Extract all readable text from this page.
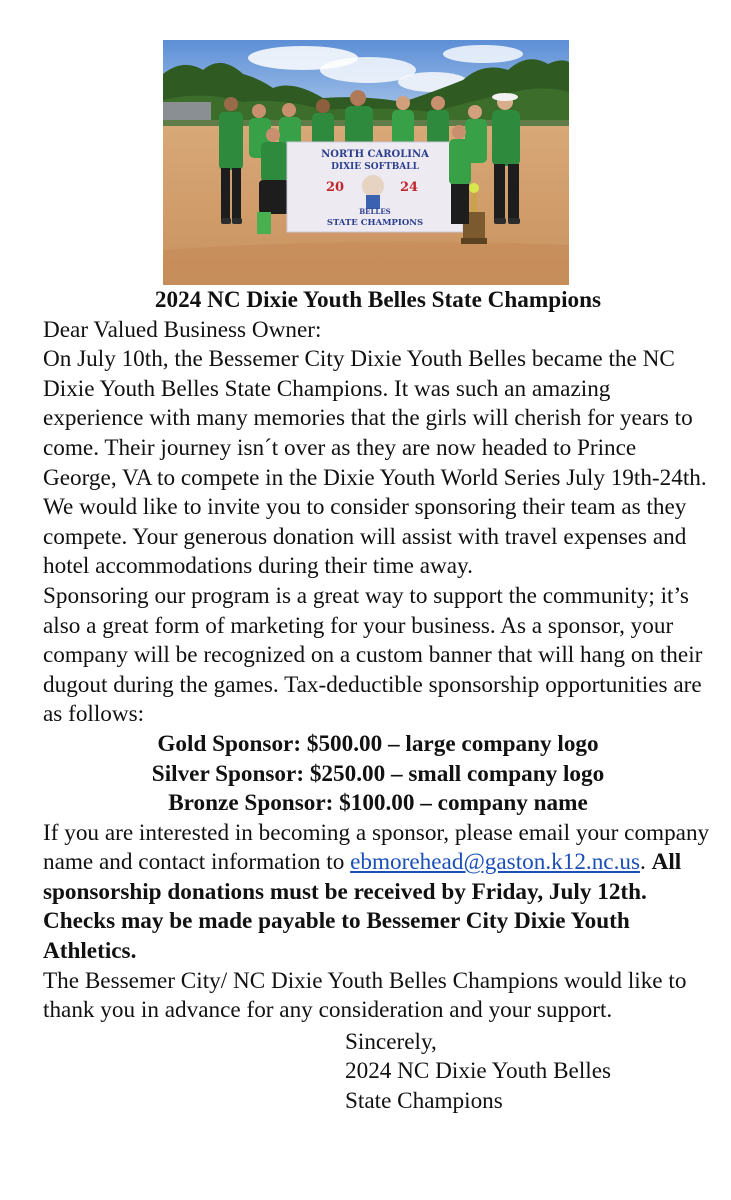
NORTH CAROLINA
DIXIE SOFTBALL
20	24
BELLES
STATE CHAMPIONS

2024 NC Dixie Youth Belles State Champions

Dear Valued Business Owner:

On July 10th, the Bessemer City Dixie Youth Belles became the NC Dixie Youth Belles State Champions. It was such an amazing experience with many memories that the girls will cherish for years to come. Their journey isn´t over as they are now headed to Prince George, VA to compete in the Dixie Youth World Series July 19th-24th. We would like to invite you to consider sponsoring their team as they compete. Your generous donation will assist with travel expenses and hotel accommodations during their time away.

Sponsoring our program is a great way to support the community; it’s also a great form of marketing for your business. As a sponsor, your company will be recognized on a custom banner that will hang on their dugout during the games. Tax-deductible sponsorship opportunities are as follows:

Gold Sponsor: $500.00 – large company logo

Silver Sponsor: $250.00 – small company logo

Bronze Sponsor: $100.00 – company name

If you are interested in becoming a sponsor, please email your company name and contact information to ebmorehead@gaston.k12.nc.us. All sponsorship donations must be received by Friday, July 12th. Checks may be made payable to Bessemer City Dixie Youth Athletics.

The Bessemer City/ NC Dixie Youth Belles Champions would like to thank you in advance for any consideration and your support.

Sincerely,

2024 NC Dixie Youth Belles

State Champions
